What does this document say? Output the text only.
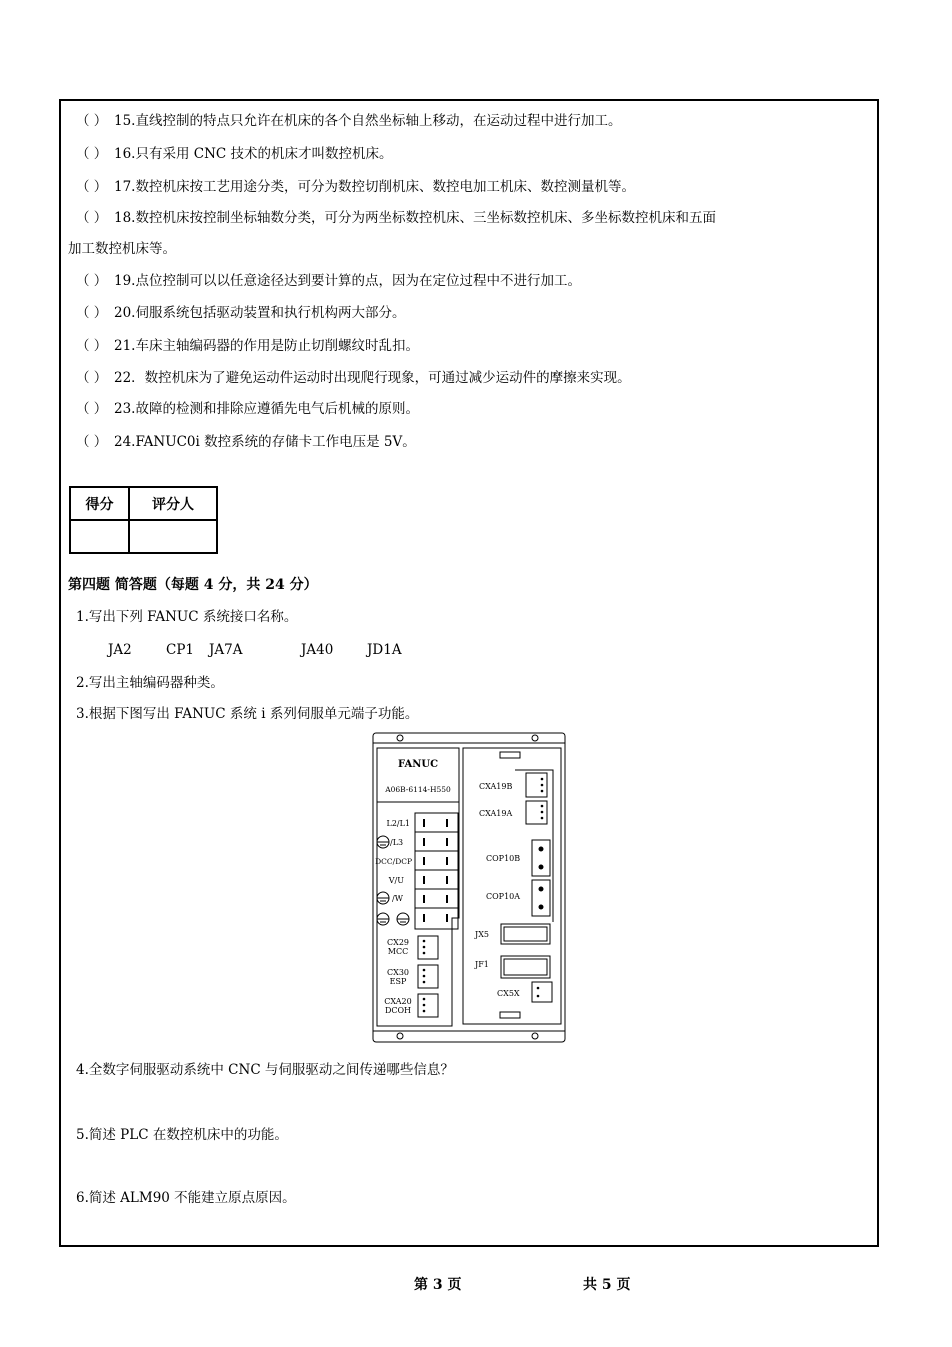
（ ） 15.直线控制的特点只允许在机床的各个自然坐标轴上移动，在运动过程中进行加工。
（ ） 16.只有采用 CNC 技术的机床才叫数控机床。
（ ） 17.数控机床按工艺用途分类，可分为数控切削机床、数控电加工机床、数控测量机等。
（ ） 18.数控机床按控制坐标轴数分类，可分为两坐标数控机床、三坐标数控机床、多坐标数控机床和五面
加工数控机床等。
（ ） 19.点位控制可以以任意途径达到要计算的点，因为在定位过程中不进行加工。
（ ） 20.伺服系统包括驱动装置和执行机构两大部分。
（ ） 21.车床主轴编码器的作用是防止切削螺纹时乱扣。
（ ） 22．数控机床为了避免运动件运动时出现爬行现象，可通过减少运动件的摩擦来实现。
（ ） 23.故障的检测和排除应遵循先电气后机械的原则。
（ ） 24.FANUC0i 数控系统的存储卡工作电压是 5V。
得分	评分人

第四题 简答题（每题 4 分，共 24 分）
1.写出下列 FANUC 系统接口名称。
JA2	CP1 JA7A	JA40 JD1A
2.写出主轴编码器种类。
3.根据下图写出 FANUC 系统 i 系列伺服单元端子功能。
FANUC
A06B-6114-H550
L2/L1
/L3
DCC/DCP
V/U
/W
CX29
MCC
CX30
ESP
CXA20
DCOH
CXA19B
CXA19A
COP10B
COP10A
JX5
JF1
CX5X
4.全数字伺服驱动系统中 CNC 与伺服驱动之间传递哪些信息？
5.简述 PLC 在数控机床中的功能。
6.简述 ALM90 不能建立原点原因。
第 3 页	共 5 页
